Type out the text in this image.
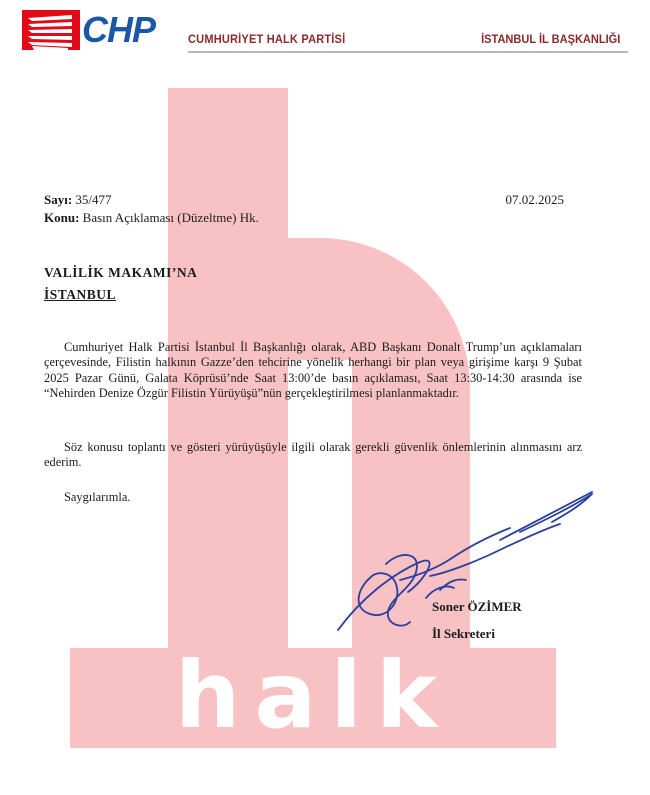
halk
CHP	CUMHURİYET HALK PARTİSİ	İSTANBUL İL BAŞKANLIĞI
Sayı: 35/477
Konu: Basın Açıklaması (Düzeltme) Hk.
07.02.2025
VALİLİK MAKAMI’NA
İSTANBUL
Cumhuriyet Halk Partisi İstanbul İl Başkanlığı olarak, ABD Başkanı Donalt Trump’un açıklamaları çerçevesinde, Filistin halkının Gazze’den tehcirine yönelik herhangi bir plan veya girişime karşı 9 Şubat 2025 Pazar Günü, Galata Köprüsü’nde Saat 13:00’de basın açıklaması, Saat 13:30-14:30 arasında ise “Nehirden Denize Özgür Filistin Yürüyüşü”nün gerçekleştirilmesi planlanmaktadır.
Söz konusu toplantı ve gösteri yürüyüşüyle ilgili olarak gerekli güvenlik önlemlerinin alınmasını arz ederim.
Saygılarımla.
Soner ÖZİMER
İl Sekreteri
